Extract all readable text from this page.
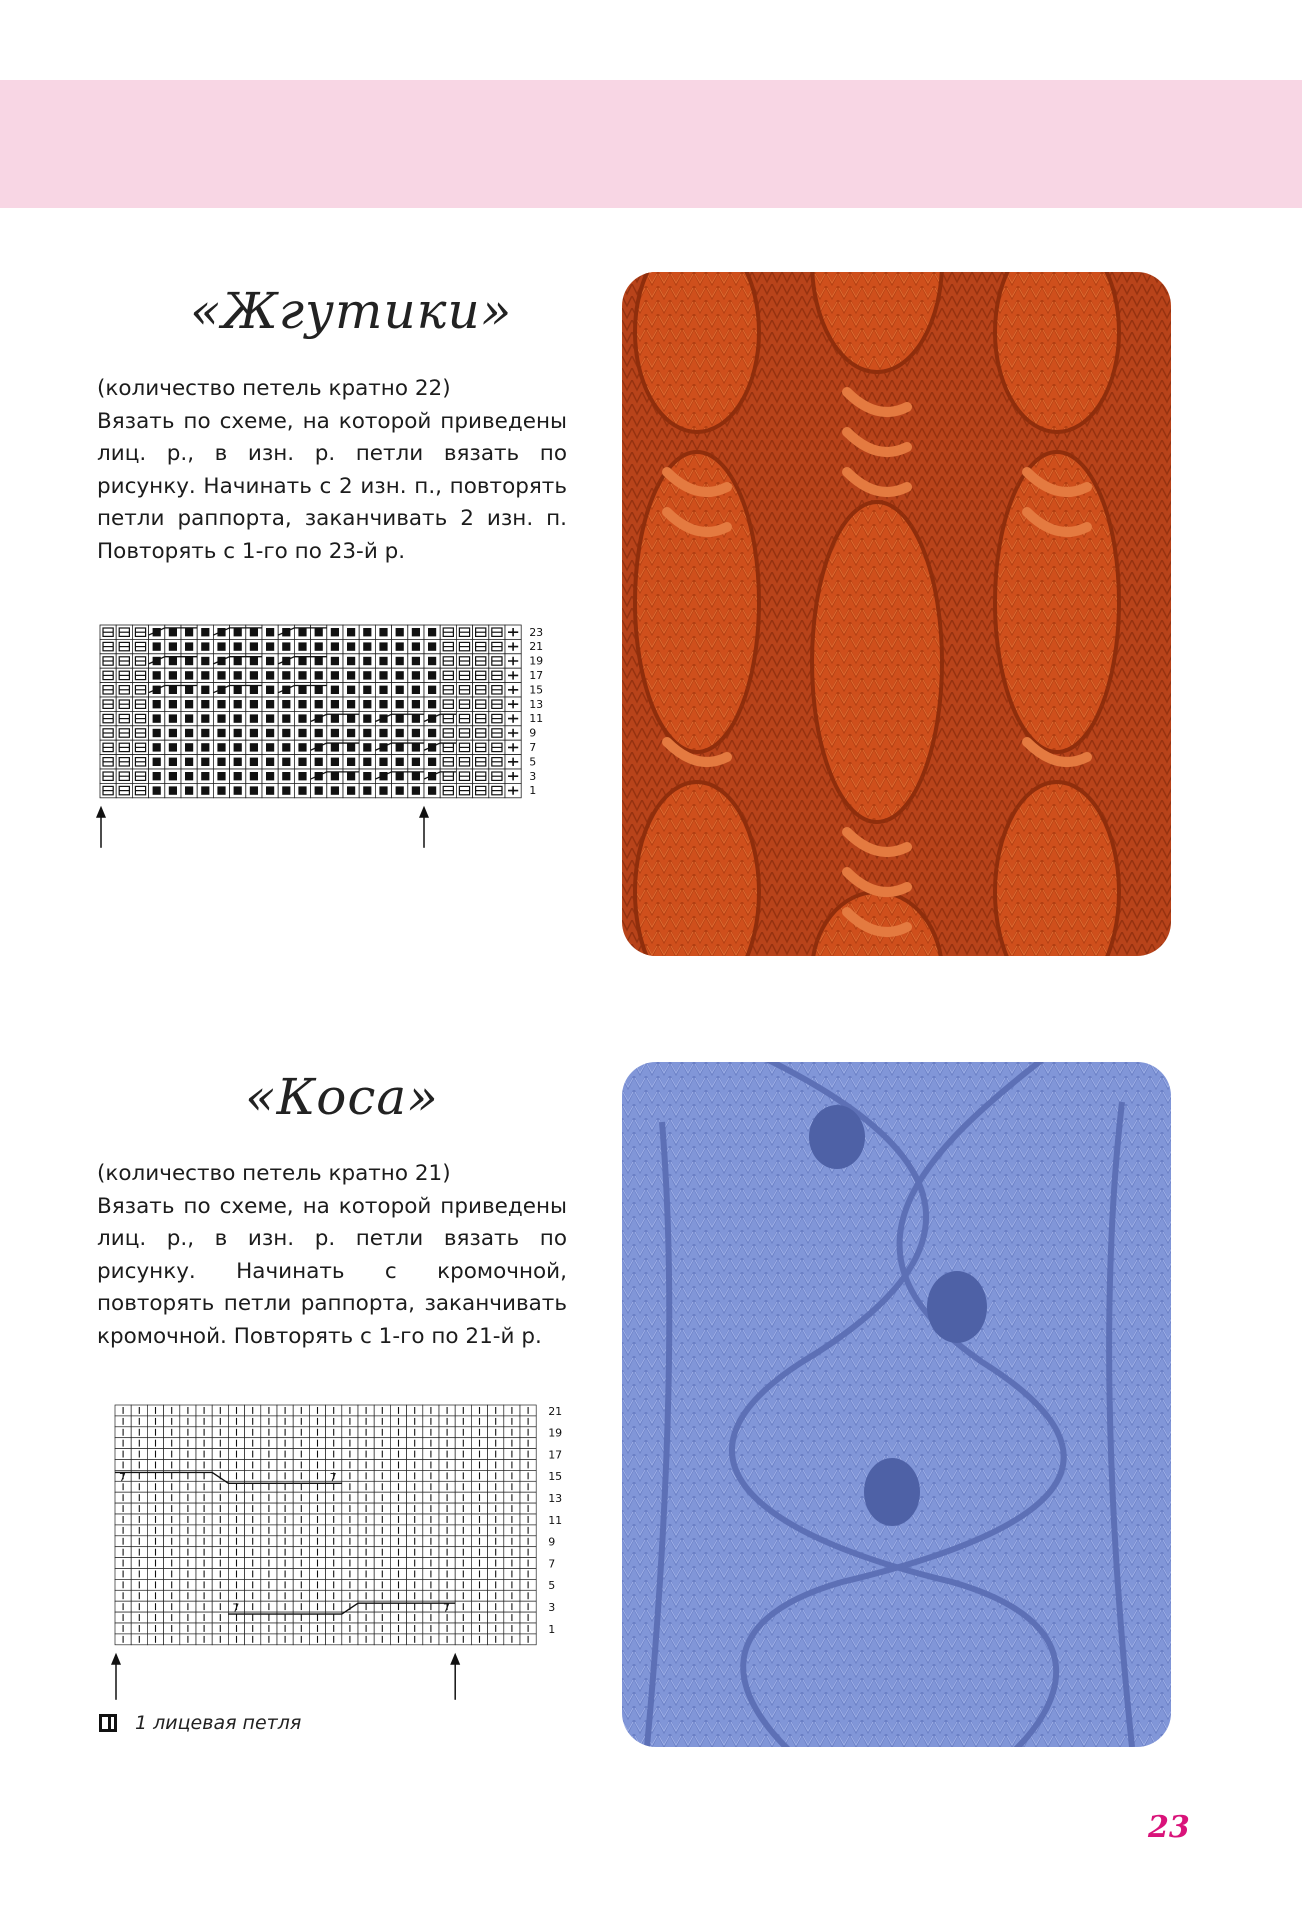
«Жгутики»

(количество петель кратно 22)

Вязать по схеме, на которой приведены лиц. р., в изн. р. петли вязать по рисунку. Начинать с 2 изн. п., повторять петли раппорта, заканчивать 2 изн. п. Повторять с 1-го по 23-й р.

23
21
19
17
15
13
11
9
7
5
3
1
«Коса»

(количество петель кратно 21)

Вязать по схеме, на которой приведены лиц. р., в изн. р. петли вязать по рисунку. Начинать с кромочной, повторять петли раппорта, заканчивать кромочной. Повторять с 1-го по 21-й р.

7	7
7	7
21
19
17
15
13
11
9
7
5
3
1
1 лицевая петля
23
